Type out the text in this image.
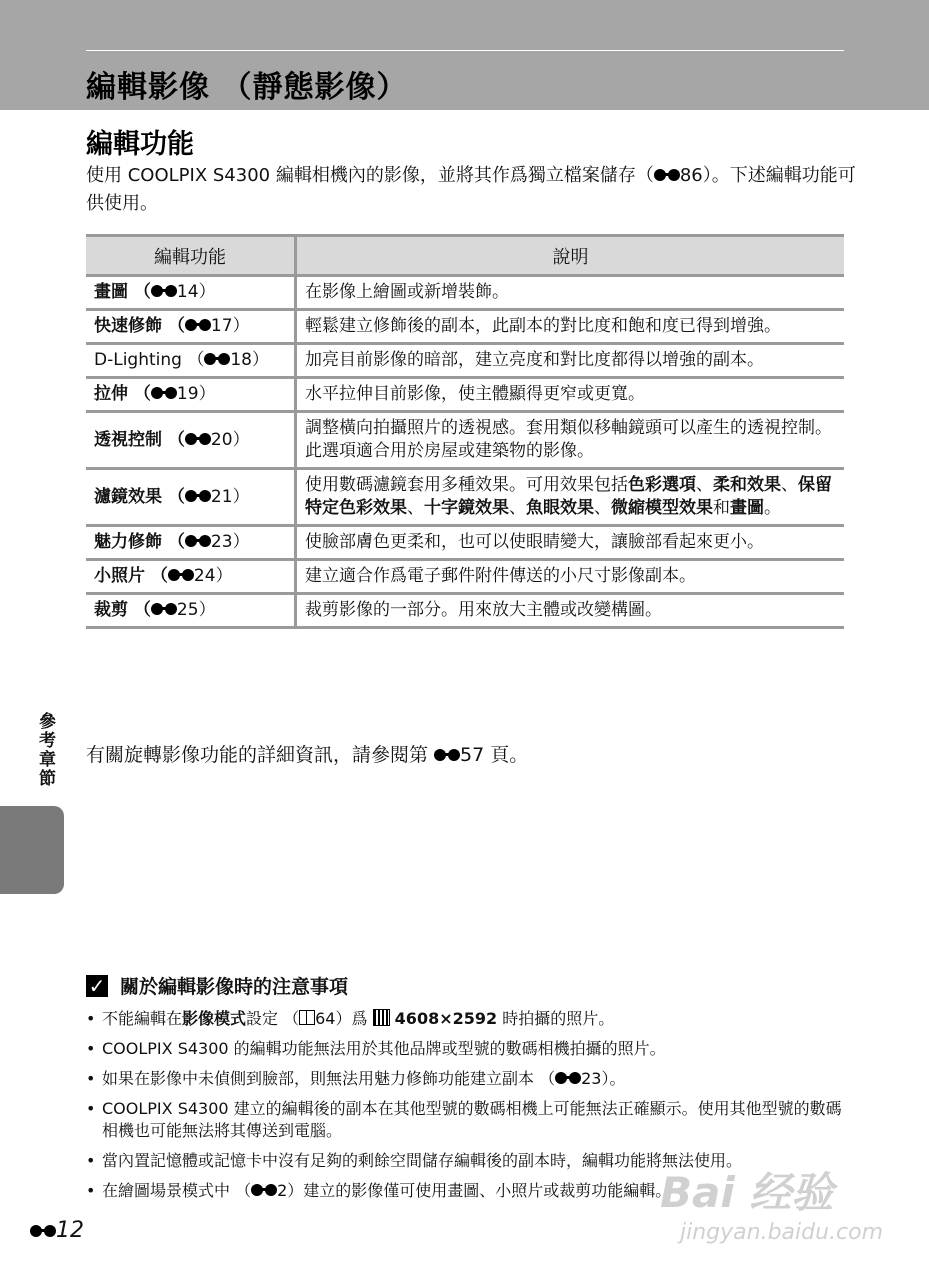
編輯影像 （靜態影像）
編輯功能

使用 COOLPIX S4300 編輯相機內的影像，並將其作爲獨立檔案儲存（ 86）。下述編輯功能可供使用。

編輯功能	說明
畫圖 （ 14）	在影像上繪圖或新增裝飾。
快速修飾 （ 17）	輕鬆建立修飾後的副本，此副本的對比度和飽和度已得到增強。
D-Lighting （ 18）	加亮目前影像的暗部，建立亮度和對比度都得以增強的副本。
拉伸 （ 19）	水平拉伸目前影像，使主體顯得更窄或更寬。
透視控制 （ 20）	調整橫向拍攝照片的透視感。套用類似移軸鏡頭可以產生的透視控制。此選項適合用於房屋或建築物的影像。
濾鏡效果 （ 21）	使用數碼濾鏡套用多種效果。可用效果包括色彩選項、柔和效果、保留特定色彩效果、十字鏡效果、魚眼效果、微縮模型效果和畫圖。
魅力修飾 （ 23）	使臉部膚色更柔和，也可以使眼睛變大，讓臉部看起來更小。
小照片 （ 24）	建立適合作爲電子郵件附件傳送的小尺寸影像副本。
裁剪 （ 25）	裁剪影像的一部分。用來放大主體或改變構圖。

有關旋轉影像功能的詳細資訊，請參閱第
57 頁。

參考章節
✓ 關於編輯影像時的注意事項
• 不能編輯在影像模式設定 （ 64）爲  4608×2592 時拍攝的照片。
• COOLPIX S4300 的編輯功能無法用於其他品牌或型號的數碼相機拍攝的照片。
• 如果在影像中未偵側到臉部，則無法用魅力修飾功能建立副本 （ 23）。
• COOLPIX S4300 建立的編輯後的副本在其他型號的數碼相機上可能無法正確顯示。使用其他型號的數碼相機也可能無法將其傳送到電腦。
• 當內置記憶體或記憶卡中沒有足夠的剩餘空間儲存編輯後的副本時，編輯功能將無法使用。
• 在繪圖場景模式中 （ 2）建立的影像僅可使用畫圖、小照片或裁剪功能編輯。
12
Bai 经验
jingyan.baidu.com
